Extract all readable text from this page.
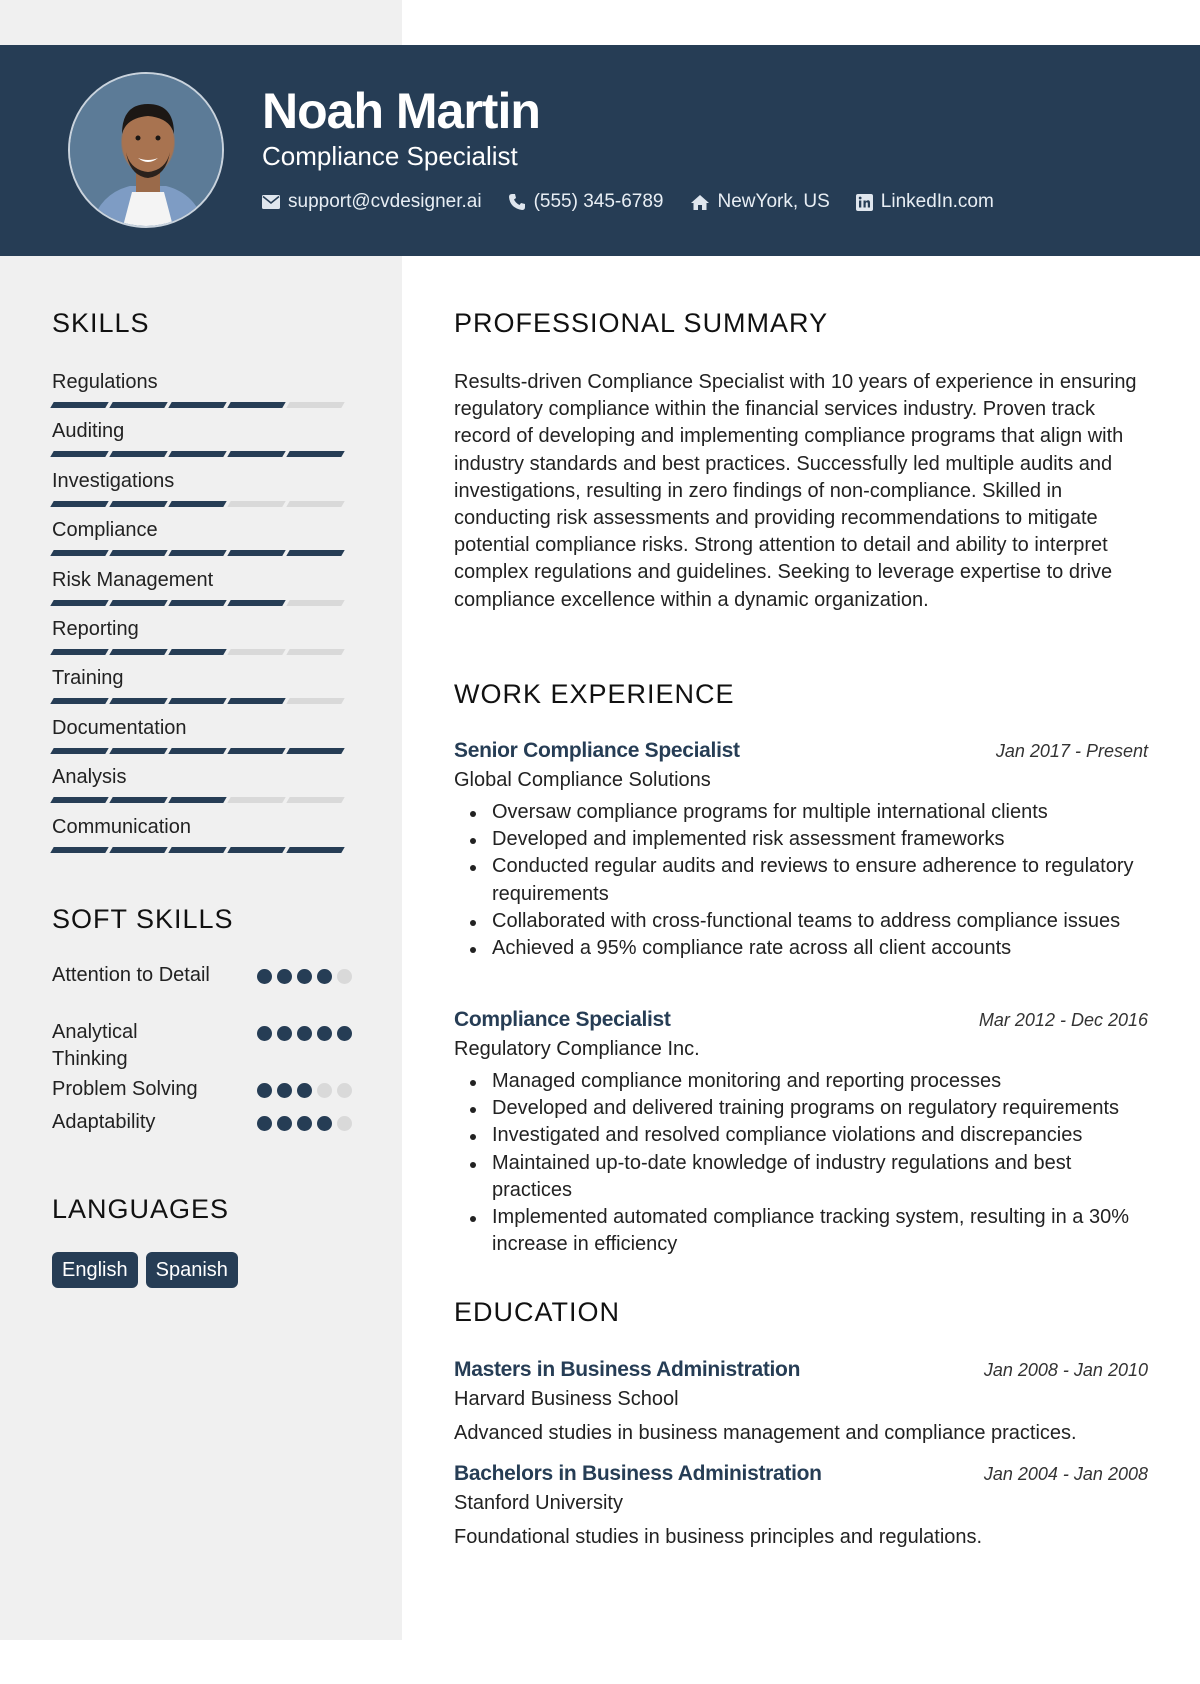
Noah Martin
Compliance Specialist
support@cvdesigner.ai	(555) 345-6789	NewYork, US	LinkedIn.com
SKILLS
Regulations
Auditing
Investigations
Compliance
Risk Management
Reporting
Training
Documentation
Analysis
Communication
SOFT SKILLS
Attention to Detail
Analytical Thinking
Problem Solving
Adaptability
LANGUAGES
English	Spanish
PROFESSIONAL SUMMARY
Results-driven Compliance Specialist with 10 years of experience in ensuring regulatory compliance within the financial services industry. Proven track record of developing and implementing compliance programs that align with industry standards and best practices. Successfully led multiple audits and investigations, resulting in zero findings of non-compliance. Skilled in conducting risk assessments and providing recommendations to mitigate potential compliance risks. Strong attention to detail and ability to interpret complex regulations and guidelines. Seeking to leverage expertise to drive compliance excellence within a dynamic organization.
WORK EXPERIENCE
Senior Compliance Specialist	Jan 2017 - Present
Global Compliance Solutions
Oversaw compliance programs for multiple international clients
Developed and implemented risk assessment frameworks
Conducted regular audits and reviews to ensure adherence to regulatory requirements
Collaborated with cross-functional teams to address compliance issues
Achieved a 95% compliance rate across all client accounts
Compliance Specialist	Mar 2012 - Dec 2016
Regulatory Compliance Inc.
Managed compliance monitoring and reporting processes
Developed and delivered training programs on regulatory requirements
Investigated and resolved compliance violations and discrepancies
Maintained up-to-date knowledge of industry regulations and best practices
Implemented automated compliance tracking system, resulting in a 30% increase in efficiency
EDUCATION
Masters in Business Administration	Jan 2008 - Jan 2010
Harvard Business School
Advanced studies in business management and compliance practices.
Bachelors in Business Administration	Jan 2004 - Jan 2008
Stanford University
Foundational studies in business principles and regulations.
